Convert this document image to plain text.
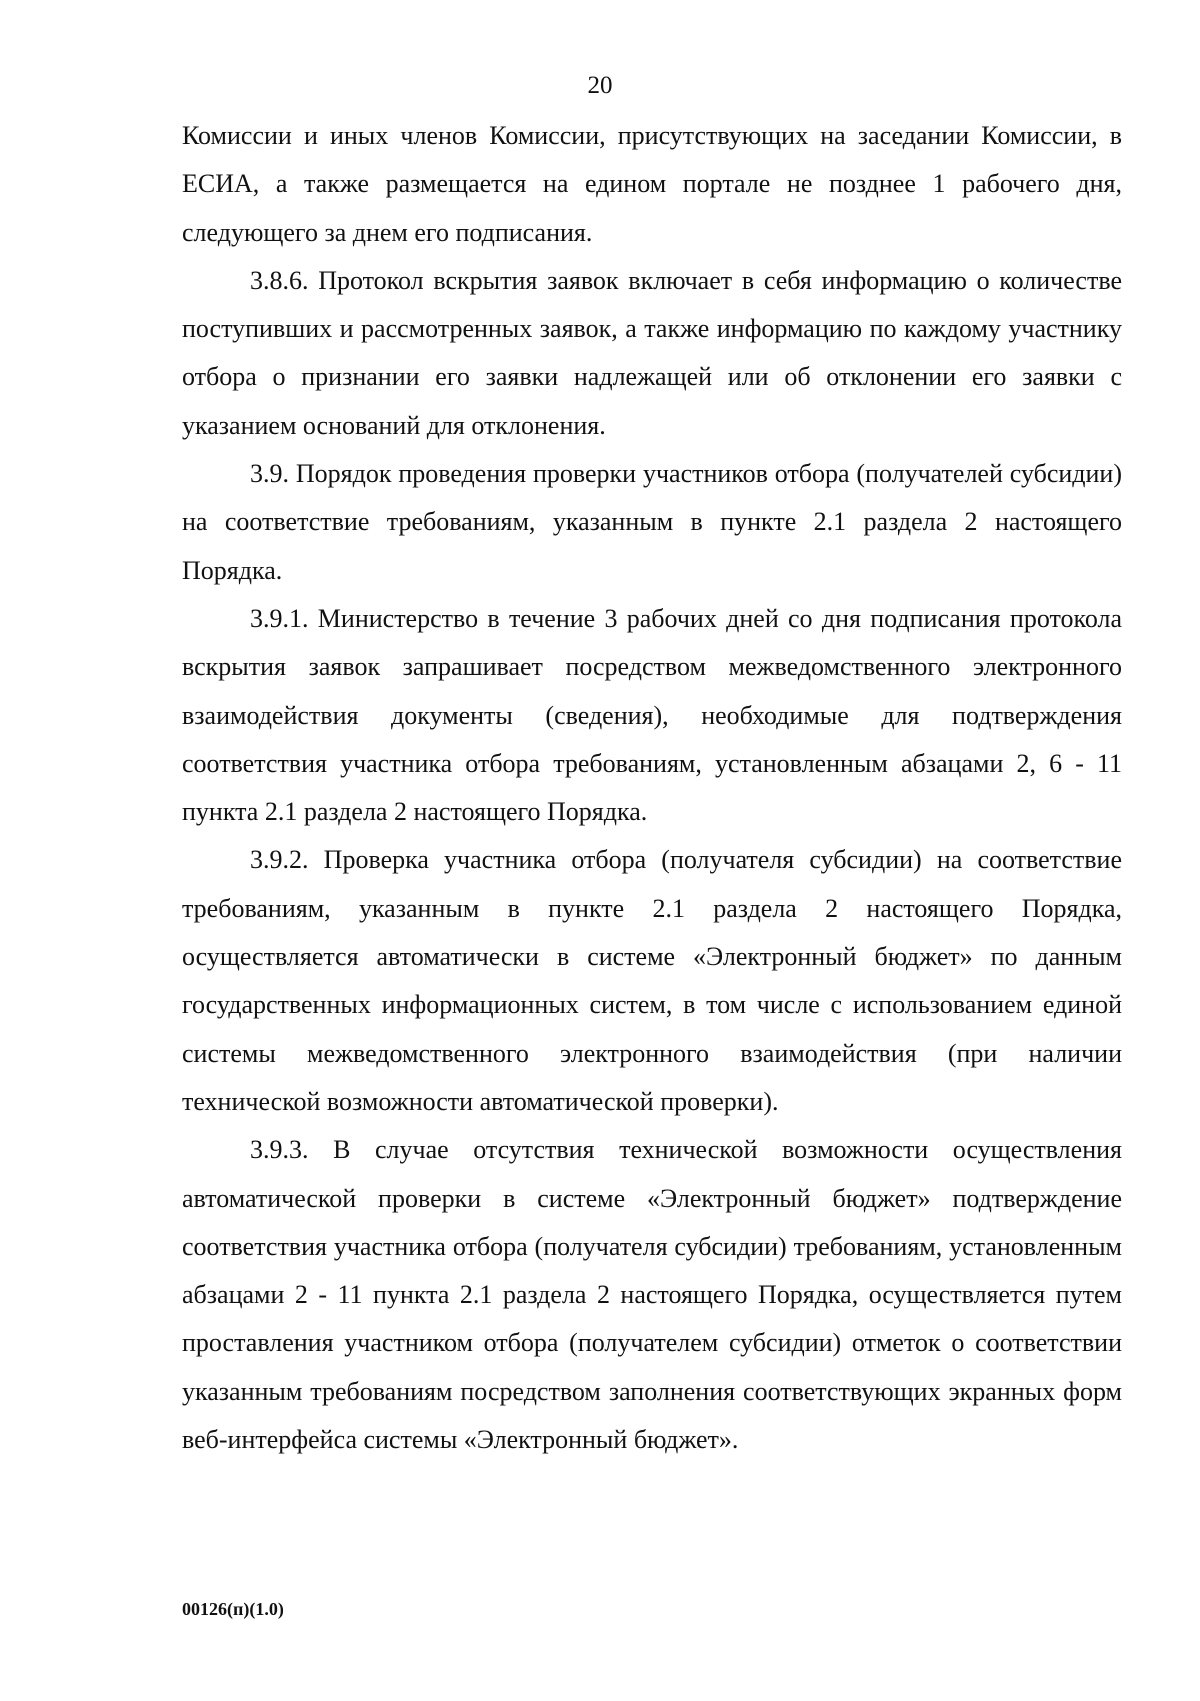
20

Комиссии и иных членов Комиссии, присутствующих на заседании Комиссии, в ЕСИА, а также размещается на едином портале не позднее 1 рабочего дня, следующего за днем его подписания.

3.8.6. Протокол вскрытия заявок включает в себя информацию о количестве поступивших и рассмотренных заявок, а также информацию по каждому участнику отбора о признании его заявки надлежащей или об отклонении его заявки с указанием оснований для отклонения.

3.9. Порядок проведения проверки участников отбора (получателей субсидии) на соответствие требованиям, указанным в пункте 2.1 раздела 2 настоящего Порядка.

3.9.1. Министерство в течение 3 рабочих дней со дня подписания протокола вскрытия заявок запрашивает посредством межведомственного электронного взаимодействия документы (сведения), необходимые для подтверждения соответствия участника отбора требованиям, установленным абзацами 2, 6 - 11 пункта 2.1 раздела 2 настоящего Порядка.

3.9.2. Проверка участника отбора (получателя субсидии) на соответствие требованиям, указанным в пункте 2.1 раздела 2 настоящего Порядка, осуществляется автоматически в системе «Электронный бюджет» по данным государственных информационных систем, в том числе с использованием единой системы межведомственного электронного взаимодействия (при наличии технической возможности автоматической проверки).

3.9.3. В случае отсутствия технической возможности осуществления автоматической проверки в системе «Электронный бюджет» подтверждение соответствия участника отбора (получателя субсидии) требованиям, установленным абзацами 2 - 11 пункта 2.1 раздела 2 настоящего Порядка, осуществляется путем проставления участником отбора (получателем субсидии) отметок о соответствии указанным требованиям посредством заполнения соответствующих экранных форм веб-интерфейса системы «Электронный бюджет».

00126(п)(1.0)
